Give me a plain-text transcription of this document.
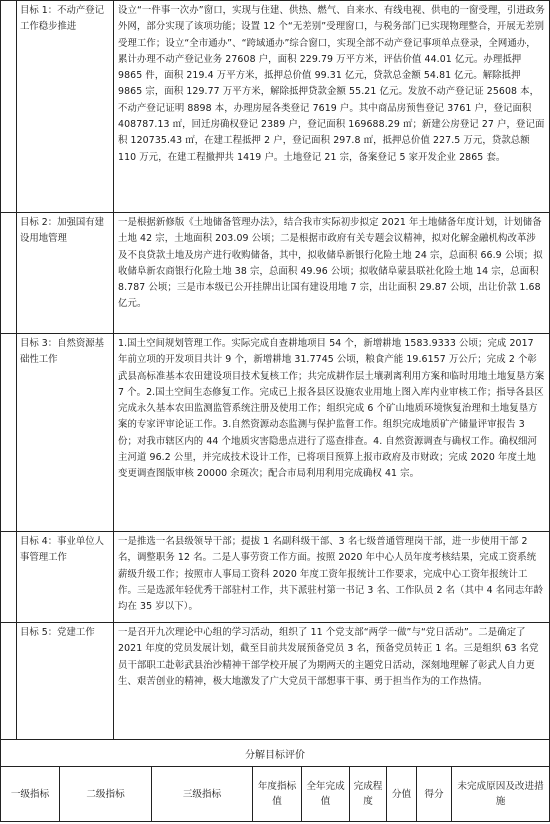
	目标 1：不动产登记工作稳步推进	设立“一件事一次办”窗口，实现与住建、供热、燃气、自来水、有线电视、供电的一窗受理，引进政务外网，部分实现了该项功能；设置 12 个“无差别”受理窗口，与税务部门已实现物理整合，开展无差别受理工作；设立“全市通办”、“跨域通办”综合窗口，实现全部不动产登记事项单点登录，全网通办，累计办理不动产登记业务 27608 户，面积 229.79 万平方米，评估价值 44.01 亿元。办理抵押 9865 件，面积 219.4 万平方米，抵押总价值 99.31 亿元，贷款总金额 54.81 亿元。解除抵押 9865 宗，面积 129.77 万平方米，解除抵押贷款金额 55.21 亿元。发放不动产登记证 25608 本，不动产登记证明 8898 本，办理房屋各类登记 7619 户。其中商品房预售登记 3761 户，登记面积 408787.13 ㎡，回迁房确权登记 2389 户，登记面积 169688.29 ㎡；新建公房登记 27 户，登记面积 120735.43 ㎡，在建工程抵押 2 户，登记面积 297.8 ㎡，抵押总价值 227.5 万元，贷款总额 110 万元，在建工程撤押共 1419 户。土地登记 21 宗，备案登记 5 家开发企业 2865 套。
	目标 2：加强国有建设用地管理	一是根据新修版《土地储备管理办法》，结合我市实际初步拟定 2021 年土地储备年度计划，计划储备土地 42 宗，土地面积 203.09 公顷；二是根据市政府有关专题会议精神，拟对化解金融机构改革涉及不良贷款土地及房产进行收购储备，其中，拟收储阜新银行化险土地 24 宗，总面积 66.9 公顷；拟收储阜新农商银行化险土地 38 宗，总面积 49.96 公顷；拟收储阜蒙县联社化险土地 14 宗，总面积 8.787 公顷；三是市本级已公开挂牌出让国有建设用地 7 宗，出让面积 29.87 公顷，出让价款 1.68 亿元。
	目标 3：自然资源基础性工作	1.国土空间规划管理工作。实际完成自查耕地项目 54 个，新增耕地 1583.9333 公顷；完成 2017 年前立项的开发项目共计 9 个，新增耕地 31.7745 公顷，粮食产能 19.6157 万公斤；完成 2 个彰武县高标准基本农田建设项目技术复核工作；共完成耕作层土壤剥离利用方案和临时用地土地复垦方案 7 个。2.国土空间生态修复工作。完成已上报各县区设施农业用地上图入库内业审核工作；指导各县区完成永久基本农田监测监管系统注册及使用工作；组织完成 6 个矿山地质环境恢复治理和土地复垦方案的专家评审论证工作。3.自然资源动态监测与保护监督工作。组织完成地质矿产储量评审报告 3 份；对我市辖区内的 44 个地质灾害隐患点进行了巡查排查。4. 自然资源调查与确权工作。确权细河主河道 96.2 公里，并完成技术设计工作，已将项目预算上报市政府及市财政；完成 2020 年度土地变更调查图版审核 20000 余斑次；配合市局利用利用完成确权 41 宗。
	目标 4：事业单位人事管理工作	一是推选一名县级领导干部；提拔 1 名副科级干部、3 名七级普通管理岗干部，进一步使用干部 2 名，调整职务 12 名。二是人事劳资工作方面。按照 2020 年中心人员年度考核结果，完成工资系统薪级升级工作；按照市人事局工资科 2020 年度工资年报统计工作要求，完成中心工资年报统计工作。三是选派年轻优秀干部驻村工作，共下派驻村第一书记 3 名、工作队员 2 名（其中 4 名同志年龄均在 35 岁以下）。
	目标 5：党建工作	一是召开九次理论中心组的学习活动，组织了 11 个党支部“两学一做”与“党日活动”。二是确定了 2021 年度的党员发展计划，截至目前共发展预备党员 3 名，预备党员转正 1 名。三是组织 63 名党员干部职工赴彰武县治沙精神干部学校开展了为期两天的主题党日活动，深刻地理解了彰武人自力更生、艰苦创业的精神，极大地激发了广大党员干部想事干事、勇于担当作为的工作热情。
分解目标评价
一级指标	二级指标	三级指标	年度指标值	全年完成值	完成程度	分值	得分	未完成原因及改进措施
